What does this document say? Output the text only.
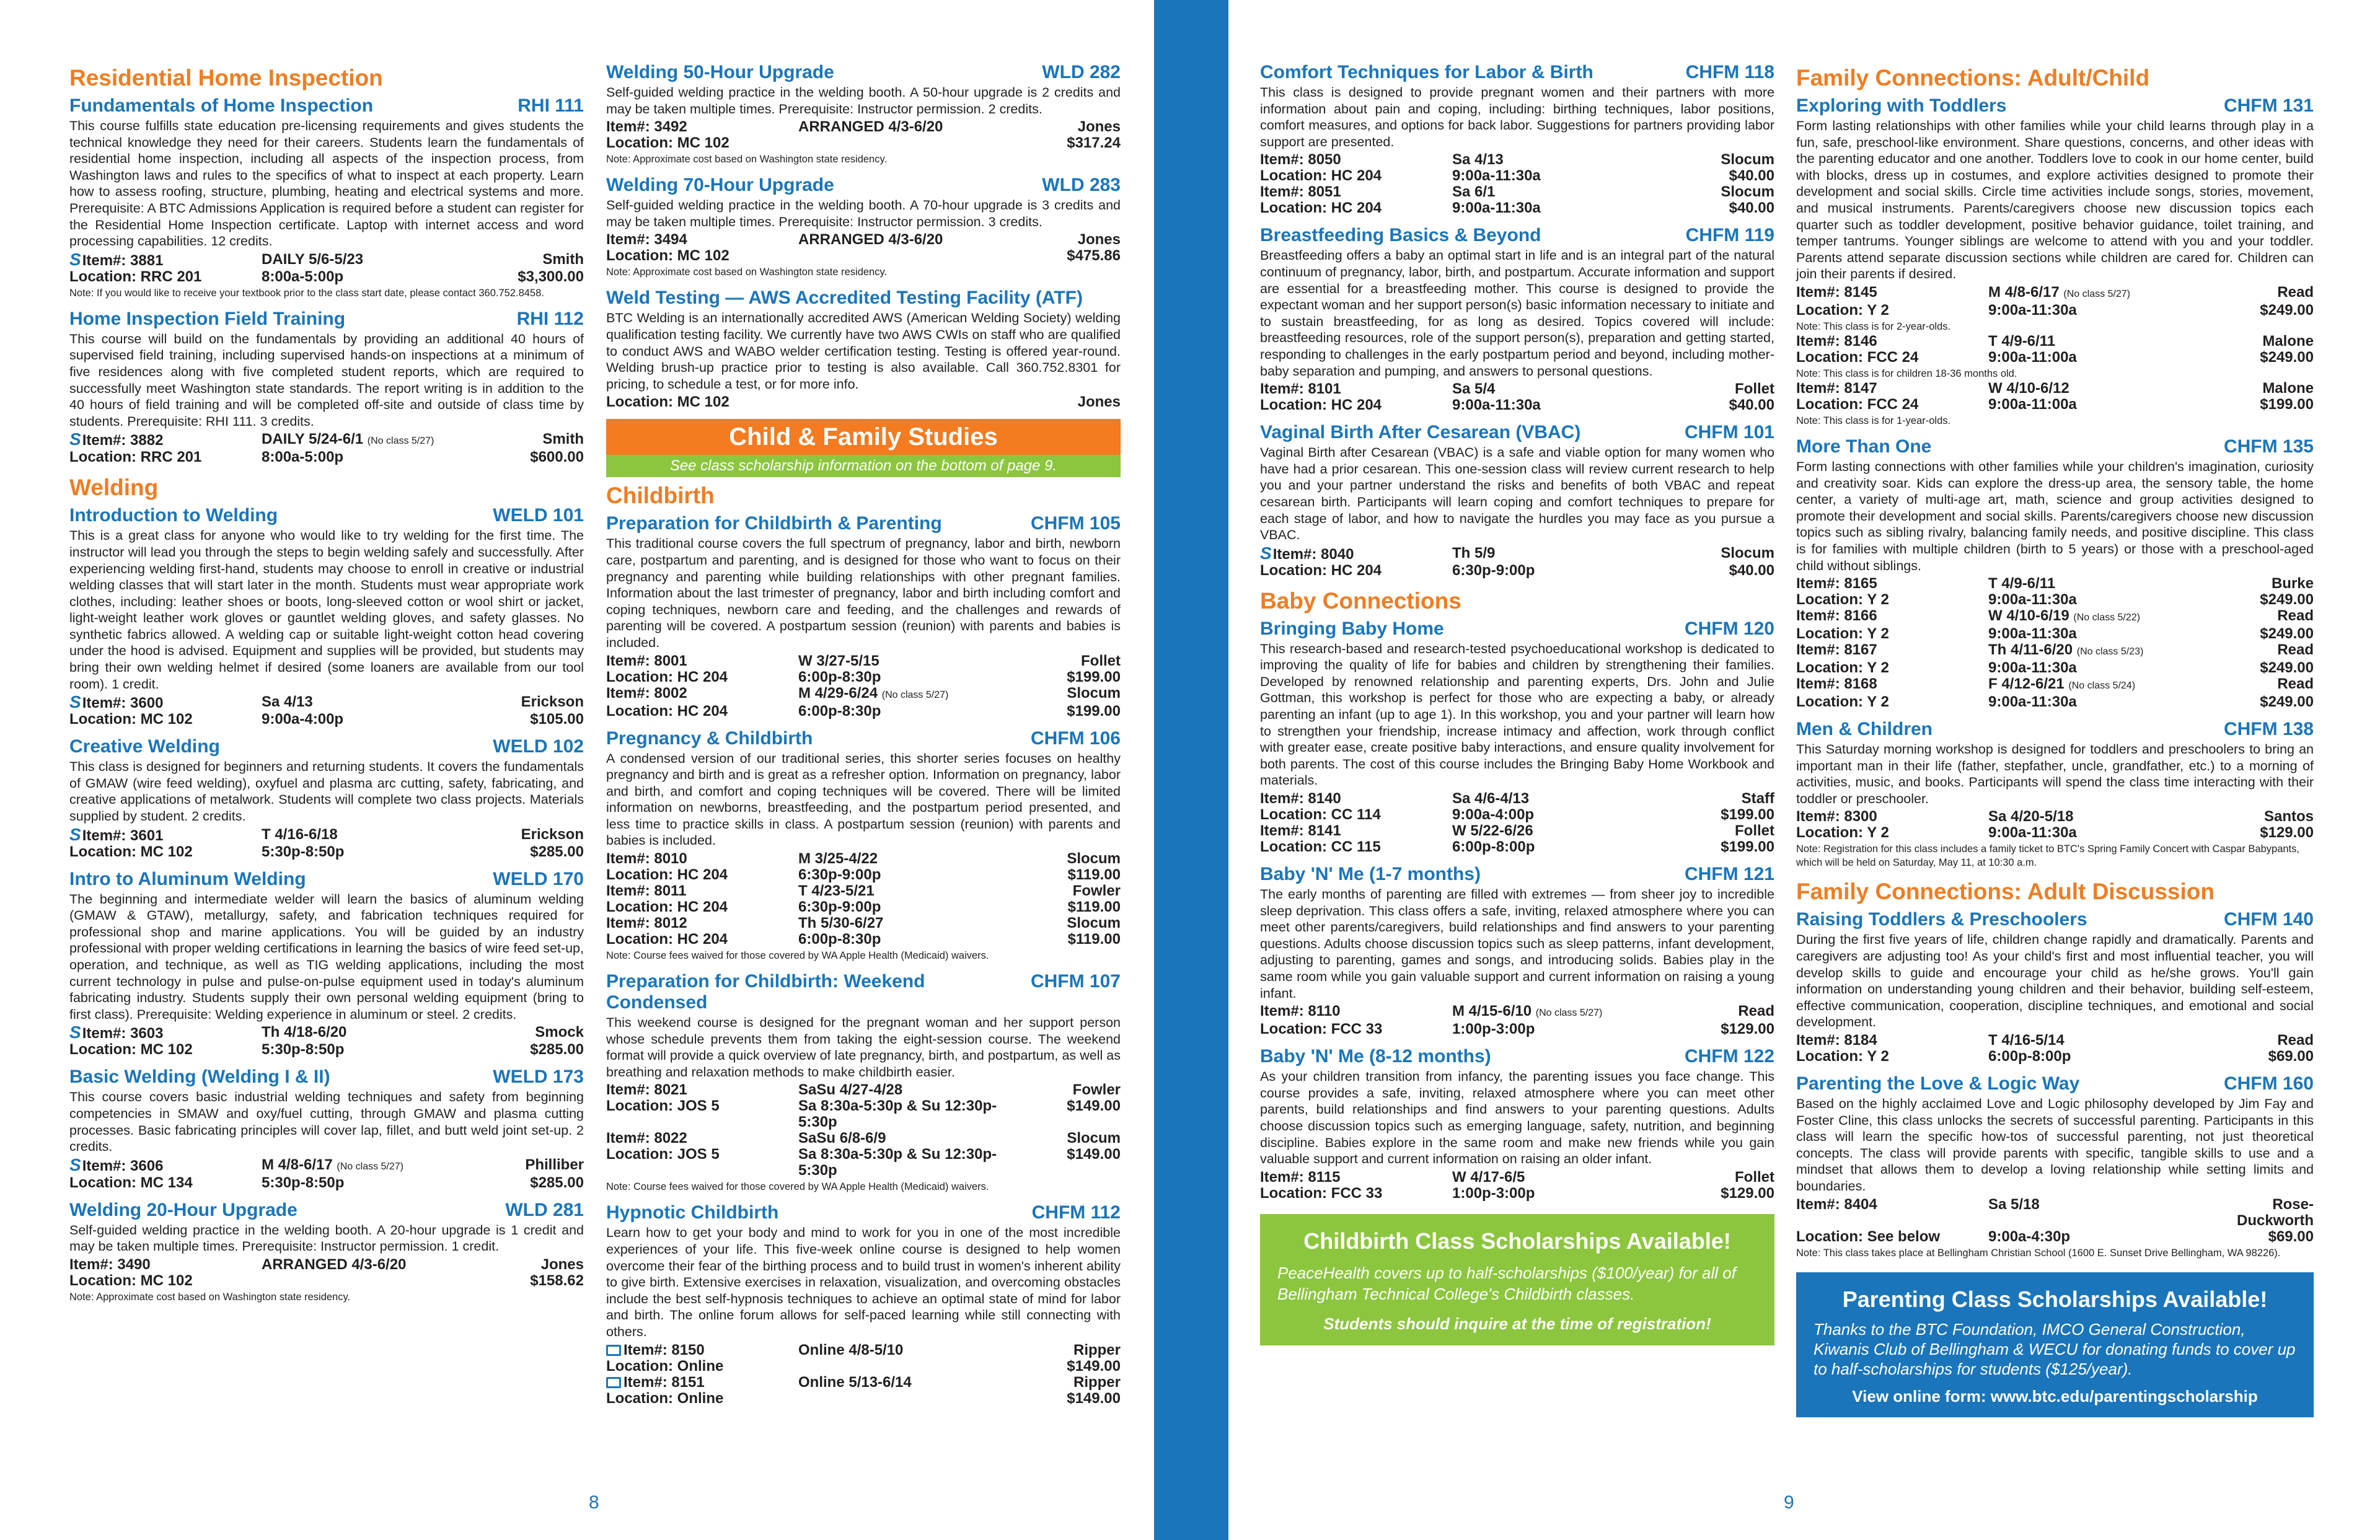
Residential Home Inspection
Fundamentals of Home Inspection	RHI 111
This course fulfills state education pre-licensing requirements and gives students the technical knowledge they need for their careers. Students learn the fundamentals of residential home inspection, including all aspects of the inspection process, from Washington laws and rules to the specifics of what to inspect at each property. Learn how to assess roofing, structure, plumbing, heating and electrical systems and more. Prerequisite: A BTC Admissions Application is required before a student can register for the Residential Home Inspection certificate. Laptop with internet access and word processing capabilities. 12 credits.
SItem#: 3881	DAILY 5/6-5/23	Smith
Location: RRC 201	8:00a-5:00p	$3,300.00
Note: If you would like to receive your textbook prior to the class start date, please contact 360.752.8458.
Home Inspection Field Training	RHI 112
This course will build on the fundamentals by providing an additional 40 hours of supervised field training, including supervised hands-on inspections at a minimum of five residences along with five completed student reports, which are required to successfully meet Washington state standards. The report writing is in addition to the 40 hours of field training and will be completed off-site and outside of class time by students. Prerequisite: RHI 111. 3 credits.
SItem#: 3882	DAILY 5/24-6/1 (No class 5/27)	Smith
Location: RRC 201	8:00a-5:00p	$600.00
Welding
Introduction to Welding	WELD 101
This is a great class for anyone who would like to try welding for the first time. The instructor will lead you through the steps to begin welding safely and successfully. After experiencing welding first-hand, students may choose to enroll in creative or industrial welding classes that will start later in the month. Students must wear appropriate work clothes, including: leather shoes or boots, long-sleeved cotton or wool shirt or jacket, light-weight leather work gloves or gauntlet welding gloves, and safety glasses. No synthetic fabrics allowed. A welding cap or suitable light-weight cotton head covering under the hood is advised. Equipment and supplies will be provided, but students may bring their own welding helmet if desired (some loaners are available from our tool room). 1 credit.
SItem#: 3600	Sa 4/13	Erickson
Location: MC 102	9:00a-4:00p	$105.00
Creative Welding	WELD 102
This class is designed for beginners and returning students. It covers the fundamentals of GMAW (wire feed welding), oxyfuel and plasma arc cutting, safety, fabricating, and creative applications of metalwork. Students will complete two class projects. Materials supplied by student. 2 credits.
SItem#: 3601	T 4/16-6/18	Erickson
Location: MC 102	5:30p-8:50p	$285.00
Intro to Aluminum Welding	WELD 170
The beginning and intermediate welder will learn the basics of aluminum welding (GMAW & GTAW), metallurgy, safety, and fabrication techniques required for professional shop and marine applications. You will be guided by an industry professional with proper welding certifications in learning the basics of wire feed set-up, operation, and technique, as well as TIG welding applications, including the most current technology in pulse and pulse-on-pulse equipment used in today's aluminum fabricating industry. Students supply their own personal welding equipment (bring to first class). Prerequisite: Welding experience in aluminum or steel. 2 credits.
SItem#: 3603	Th 4/18-6/20	Smock
Location: MC 102	5:30p-8:50p	$285.00
Basic Welding (Welding I & II)	WELD 173
This course covers basic industrial welding techniques and safety from beginning competencies in SMAW and oxy/fuel cutting, through GMAW and plasma cutting processes. Basic fabricating principles will cover lap, fillet, and butt weld joint set-up. 2 credits.
SItem#: 3606	M 4/8-6/17 (No class 5/27)	Philliber
Location: MC 134	5:30p-8:50p	$285.00
Welding 20-Hour Upgrade	WLD 281
Self-guided welding practice in the welding booth. A 20-hour upgrade is 1 credit and may be taken multiple times. Prerequisite: Instructor permission. 1 credit.
Item#: 3490	ARRANGED 4/3-6/20	Jones
Location: MC 102	$158.62
Note: Approximate cost based on Washington state residency.
Welding 50-Hour Upgrade	WLD 282
Self-guided welding practice in the welding booth. A 50-hour upgrade is 2 credits and may be taken multiple times. Prerequisite: Instructor permission. 2 credits.
Item#: 3492	ARRANGED 4/3-6/20	Jones
Location: MC 102	$317.24
Note: Approximate cost based on Washington state residency.
Welding 70-Hour Upgrade	WLD 283
Self-guided welding practice in the welding booth. A 70-hour upgrade is 3 credits and may be taken multiple times. Prerequisite: Instructor permission. 3 credits.
Item#: 3494	ARRANGED 4/3-6/20	Jones
Location: MC 102	$475.86
Note: Approximate cost based on Washington state residency.
Weld Testing — AWS Accredited Testing Facility (ATF)
BTC Welding is an internationally accredited AWS (American Welding Society) welding qualification testing facility. We currently have two AWS CWIs on staff who are qualified to conduct AWS and WABO welder certification testing. Testing is offered year-round. Welding brush-up practice prior to testing is also available. Call 360.752.8301 for pricing, to schedule a test, or for more info.
Location: MC 102	Jones
Child & Family Studies
See class scholarship information on the bottom of page 9.
Childbirth
Preparation for Childbirth & Parenting	CHFM 105
This traditional course covers the full spectrum of pregnancy, labor and birth, newborn care, postpartum and parenting, and is designed for those who want to focus on their pregnancy and parenting while building relationships with other pregnant families. Information about the last trimester of pregnancy, labor and birth including comfort and coping techniques, newborn care and feeding, and the challenges and rewards of parenting will be covered. A postpartum session (reunion) with parents and babies is included.
Item#: 8001	W 3/27-5/15	Follet
Location: HC 204	6:00p-8:30p	$199.00
Item#: 8002	M 4/29-6/24 (No class 5/27)	Slocum
Location: HC 204	6:00p-8:30p	$199.00
Pregnancy & Childbirth	CHFM 106
A condensed version of our traditional series, this shorter series focuses on healthy pregnancy and birth and is great as a refresher option. Information on pregnancy, labor and birth, and comfort and coping techniques will be covered. There will be limited information on newborns, breastfeeding, and the postpartum period presented, and less time to practice skills in class. A postpartum session (reunion) with parents and babies is included.
Item#: 8010	M 3/25-4/22	Slocum
Location: HC 204	6:30p-9:00p	$119.00
Item#: 8011	T 4/23-5/21	Fowler
Location: HC 204	6:30p-9:00p	$119.00
Item#: 8012	Th 5/30-6/27	Slocum
Location: HC 204	6:00p-8:30p	$119.00
Note: Course fees waived for those covered by WA Apple Health (Medicaid) waivers.
Preparation for Childbirth: Weekend Condensed
CHFM 107
This weekend course is designed for the pregnant woman and her support person whose schedule prevents them from taking the eight-session course. The weekend format will provide a quick overview of late pregnancy, birth, and postpartum, as well as breathing and relaxation methods to make childbirth easier.
Item#: 8021	SaSu 4/27-4/28	Fowler
Location: JOS 5	Sa 8:30a-5:30p & Su 12:30p-5:30p
$149.00
Item#: 8022	SaSu 6/8-6/9	Slocum
Location: JOS 5	Sa 8:30a-5:30p & Su 12:30p-5:30p
$149.00
Note: Course fees waived for those covered by WA Apple Health (Medicaid) waivers.
Hypnotic Childbirth	CHFM 112
Learn how to get your body and mind to work for you in one of the most incredible experiences of your life. This five-week online course is designed to help women overcome their fear of the birthing process and to build trust in women's inherent ability to give birth. Extensive exercises in relaxation, visualization, and overcoming obstacles include the best self-hypnosis techniques to achieve an optimal state of mind for labor and birth. The online forum allows for self-paced learning while still connecting with others.
Item#: 8150	Online 4/8-5/10	Ripper
Location: Online	$149.00
Item#: 8151	Online 5/13-6/14	Ripper
Location: Online	$149.00
Comfort Techniques for Labor & Birth	CHFM 118
This class is designed to provide pregnant women and their partners with more information about pain and coping, including: birthing techniques, labor positions, comfort measures, and options for back labor. Suggestions for partners providing labor support are presented.
Item#: 8050	Sa 4/13	Slocum
Location: HC 204	9:00a-11:30a	$40.00
Item#: 8051	Sa 6/1	Slocum
Location: HC 204	9:00a-11:30a	$40.00
Breastfeeding Basics & Beyond	CHFM 119
Breastfeeding offers a baby an optimal start in life and is an integral part of the natural continuum of pregnancy, labor, birth, and postpartum. Accurate information and support are essential for a breastfeeding mother. This course is designed to provide the expectant woman and her support person(s) basic information necessary to initiate and to sustain breastfeeding, for as long as desired. Topics covered will include: breastfeeding resources, role of the support person(s), preparation and getting started, responding to challenges in the early postpartum period and beyond, including mother-baby separation and pumping, and answers to personal questions.
Item#: 8101	Sa 5/4	Follet
Location: HC 204	9:00a-11:30a	$40.00
Vaginal Birth After Cesarean (VBAC)	CHFM 101
Vaginal Birth after Cesarean (VBAC) is a safe and viable option for many women who have had a prior cesarean. This one-session class will review current research to help you and your partner understand the risks and benefits of both VBAC and repeat cesarean birth. Participants will learn coping and comfort techniques to prepare for each stage of labor, and how to navigate the hurdles you may face as you pursue a VBAC.
SItem#: 8040	Th 5/9	Slocum
Location: HC 204	6:30p-9:00p	$40.00
Baby Connections
Bringing Baby Home	CHFM 120
This research-based and research-tested psychoeducational workshop is dedicated to improving the quality of life for babies and children by strengthening their families. Developed by renowned relationship and parenting experts, Drs. John and Julie Gottman, this workshop is perfect for those who are expecting a baby, or already parenting an infant (up to age 1). In this workshop, you and your partner will learn how to strengthen your friendship, increase intimacy and affection, work through conflict with greater ease, create positive baby interactions, and ensure quality involvement for both parents. The cost of this course includes the Bringing Baby Home Workbook and materials.
Item#: 8140	Sa 4/6-4/13	Staff
Location: CC 114	9:00a-4:00p	$199.00
Item#: 8141	W 5/22-6/26	Follet
Location: CC 115	6:00p-8:00p	$199.00
Baby 'N' Me (1-7 months)	CHFM 121
The early months of parenting are filled with extremes — from sheer joy to incredible sleep deprivation. This class offers a safe, inviting, relaxed atmosphere where you can meet other parents/caregivers, build relationships and find answers to your parenting questions. Adults choose discussion topics such as sleep patterns, infant development, adjusting to parenting, games and songs, and introducing solids. Babies play in the same room while you gain valuable support and current information on raising a young infant.
Item#: 8110	M 4/15-6/10 (No class 5/27)	Read
Location: FCC 33	1:00p-3:00p	$129.00
Baby 'N' Me (8-12 months)	CHFM 122
As your children transition from infancy, the parenting issues you face change. This course provides a safe, inviting, relaxed atmosphere where you can meet other parents, build relationships and find answers to your parenting questions. Adults choose discussion topics such as emerging language, safety, nutrition, and beginning discipline. Babies explore in the same room and make new friends while you gain valuable support and current information on raising an older infant.
Item#: 8115	W 4/17-6/5	Follet
Location: FCC 33	1:00p-3:00p	$129.00
Childbirth Class Scholarships Available!

PeaceHealth covers up to half-scholarships ($100/year) for all of Bellingham Technical College's Childbirth classes.

Students should inquire at the time of registration!

Family Connections: Adult/Child
Exploring with Toddlers	CHFM 131
Form lasting relationships with other families while your child learns through play in a fun, safe, preschool-like environment. Share questions, concerns, and other ideas with the parenting educator and one another. Toddlers love to cook in our home center, build with blocks, dress up in costumes, and explore activities designed to promote their development and social skills. Circle time activities include songs, stories, movement, and musical instruments. Parents/caregivers choose new discussion topics each quarter such as toddler development, positive behavior guidance, toilet training, and temper tantrums. Younger siblings are welcome to attend with you and your toddler. Parents attend separate discussion sections while children are cared for. Children can join their parents if desired.
Item#: 8145	M 4/8-6/17 (No class 5/27)	Read
Location: Y 2	9:00a-11:30a	$249.00
Note: This class is for 2-year-olds.
Item#: 8146	T 4/9-6/11	Malone
Location: FCC 24	9:00a-11:00a	$249.00
Note: This class is for children 18-36 months old.
Item#: 8147	W 4/10-6/12	Malone
Location: FCC 24	9:00a-11:00a	$199.00
Note: This class is for 1-year-olds.
More Than One	CHFM 135
Form lasting connections with other families while your children's imagination, curiosity and creativity soar. Kids can explore the dress-up area, the sensory table, the home center, a variety of multi-age art, math, science and group activities designed to promote their development and social skills. Parents/caregivers choose new discussion topics such as sibling rivalry, balancing family needs, and positive discipline. This class is for families with multiple children (birth to 5 years) or those with a preschool-aged child without siblings.
Item#: 8165	T 4/9-6/11	Burke
Location: Y 2	9:00a-11:30a	$249.00
Item#: 8166	W 4/10-6/19 (No class 5/22)	Read
Location: Y 2	9:00a-11:30a	$249.00
Item#: 8167	Th 4/11-6/20 (No class 5/23)	Read
Location: Y 2	9:00a-11:30a	$249.00
Item#: 8168	F 4/12-6/21 (No class 5/24)	Read
Location: Y 2	9:00a-11:30a	$249.00
Men & Children	CHFM 138
This Saturday morning workshop is designed for toddlers and preschoolers to bring an important man in their life (father, stepfather, uncle, grandfather, etc.) to a morning of activities, music, and books. Participants will spend the class time interacting with their toddler or preschooler.
Item#: 8300	Sa 4/20-5/18	Santos
Location: Y 2	9:00a-11:30a	$129.00
Note: Registration for this class includes a family ticket to BTC's Spring Family Concert with Caspar Babypants, which will be held on Saturday, May 11, at 10:30 a.m.
Family Connections: Adult Discussion
Raising Toddlers & Preschoolers	CHFM 140
During the first five years of life, children change rapidly and dramatically. Parents and caregivers are adjusting too! As your child's first and most influential teacher, you will develop skills to guide and encourage your child as he/she grows. You'll gain information on understanding young children and their behavior, building self-esteem, effective communication, cooperation, discipline techniques, and emotional and social development.
Item#: 8184	T 4/16-5/14	Read
Location: Y 2	6:00p-8:00p	$69.00
Parenting the Love & Logic Way	CHFM 160
Based on the highly acclaimed Love and Logic philosophy developed by Jim Fay and Foster Cline, this class unlocks the secrets of successful parenting. Participants in this class will learn the specific how-tos of successful parenting, not just theoretical concepts. The class will provide parents with specific, tangible skills to use and a mindset that allows them to develop a loving relationship while setting limits and boundaries.
Item#: 8404	Sa 5/18	Rose-Duckworth
Location: See below	9:00a-4:30p	$69.00
Note: This class takes place at Bellingham Christian School (1600 E. Sunset Drive Bellingham, WA 98226).
Parenting Class Scholarships Available!

Thanks to the BTC Foundation, IMCO General Construction, Kiwanis Club of Bellingham & WECU for donating funds to cover up to half-scholarships for students ($125/year).

View online form: www.btc.edu/parentingscholarship

8	9
